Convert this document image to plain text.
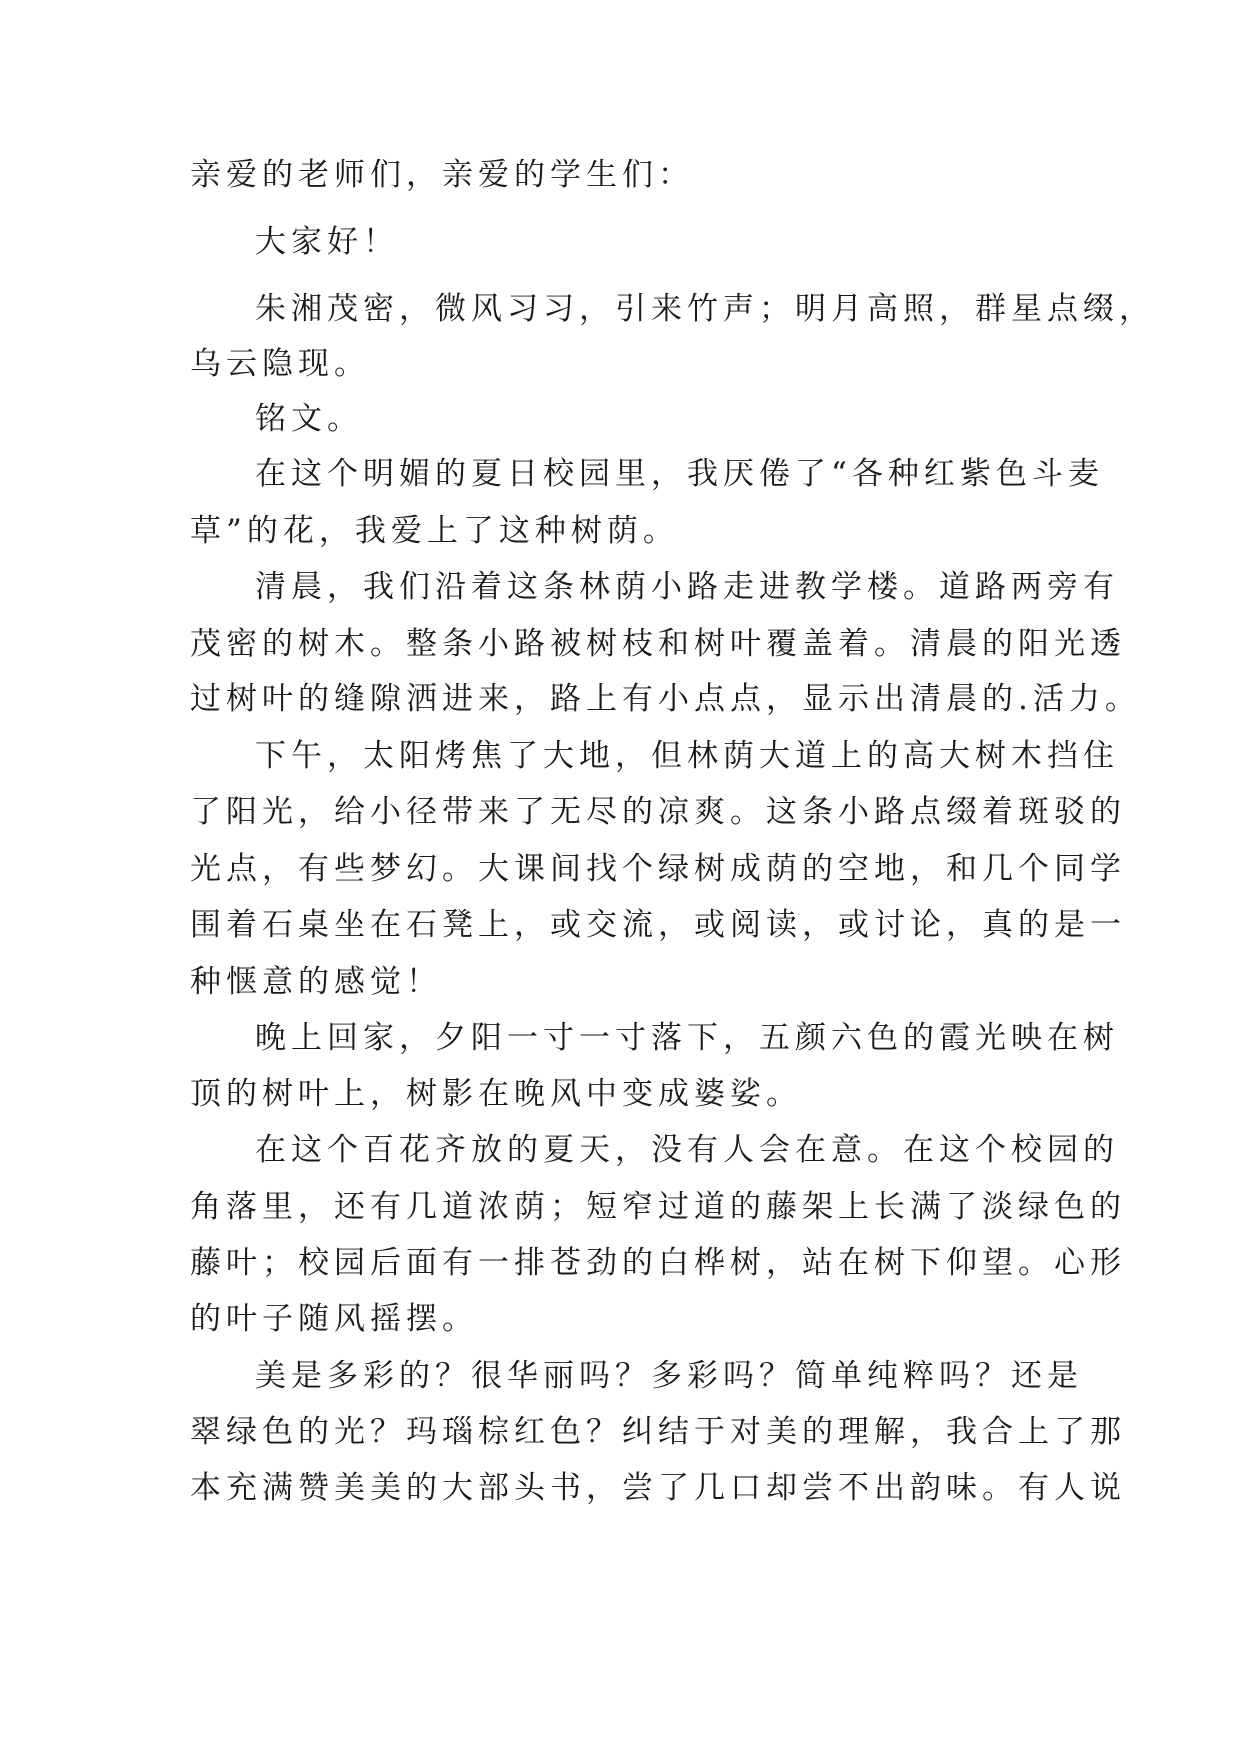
亲爱的老师们，亲爱的学生们：
大家好！
朱湘茂密，微风习习，引来竹声；明月高照，群星点缀，
乌云隐现。
铭文。
在这个明媚的夏日校园里，我厌倦了“各种红紫色斗麦
草”的花，我爱上了这种树荫。
清晨，我们沿着这条林荫小路走进教学楼。道路两旁有
茂密的树木。整条小路被树枝和树叶覆盖着。清晨的阳光透
过树叶的缝隙洒进来，路上有小点点，显示出清晨的.活力。
下午，太阳烤焦了大地，但林荫大道上的高大树木挡住
了阳光，给小径带来了无尽的凉爽。这条小路点缀着斑驳的
光点，有些梦幻。大课间找个绿树成荫的空地，和几个同学
围着石桌坐在石凳上，或交流，或阅读，或讨论，真的是一
种惬意的感觉！
晚上回家，夕阳一寸一寸落下，五颜六色的霞光映在树
顶的树叶上，树影在晚风中变成婆娑。
在这个百花齐放的夏天，没有人会在意。在这个校园的
角落里，还有几道浓荫；短窄过道的藤架上长满了淡绿色的
藤叶；校园后面有一排苍劲的白桦树，站在树下仰望。心形
的叶子随风摇摆。
美是多彩的？很华丽吗？多彩吗？简单纯粹吗？还是
翠绿色的光？玛瑙棕红色？纠结于对美的理解，我合上了那
本充满赞美美的大部头书，尝了几口却尝不出韵味。有人说
